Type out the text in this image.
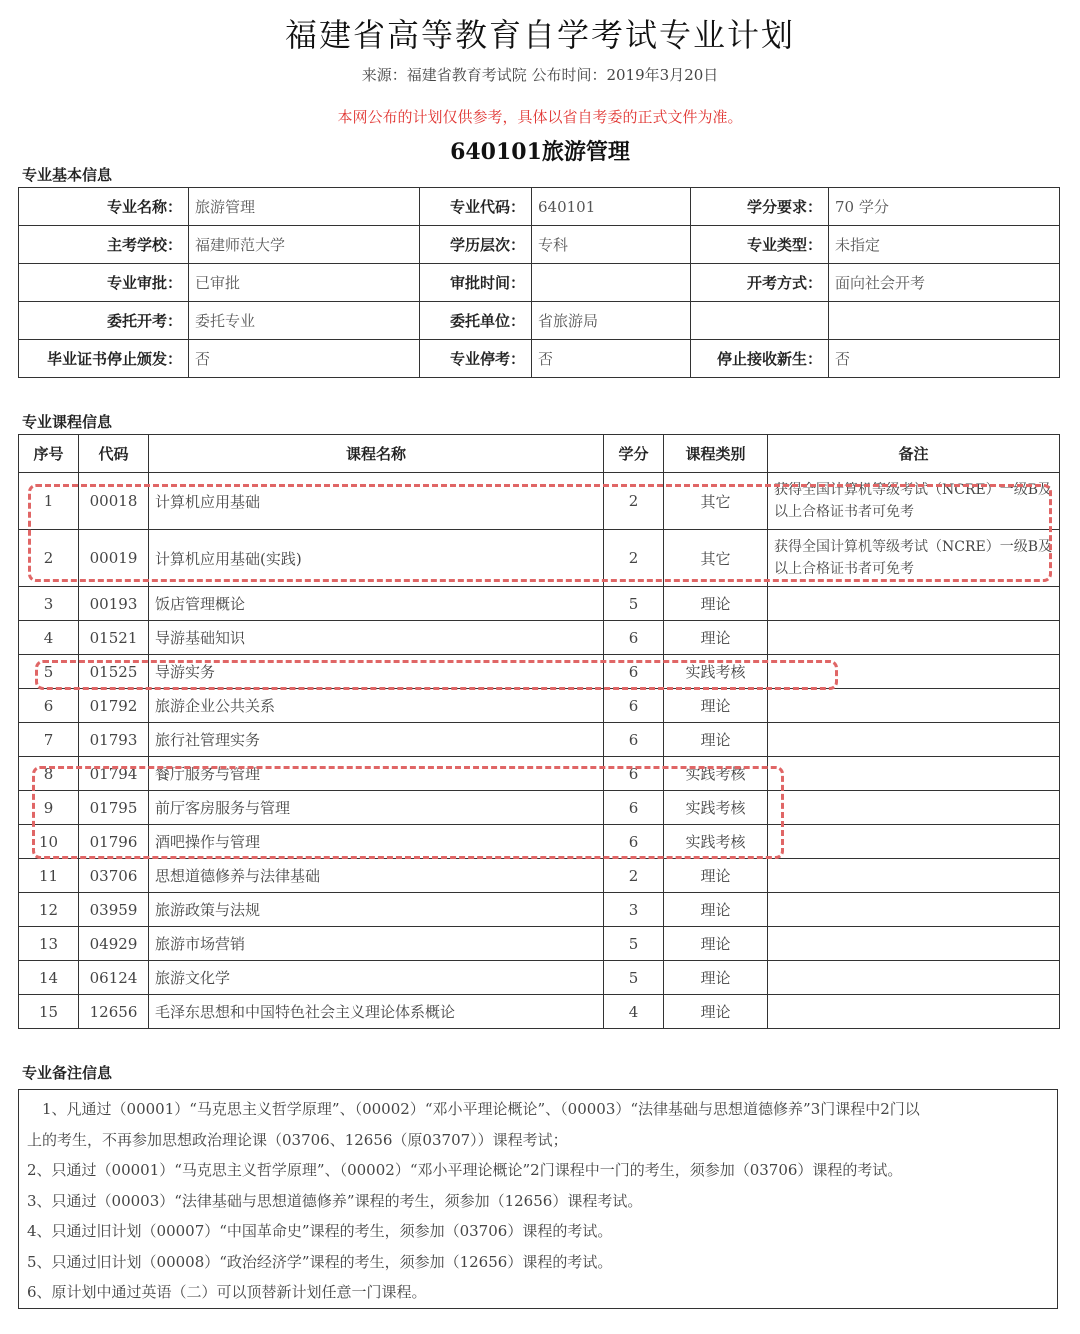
福建省高等教育自学考试专业计划
来源：福建省教育考试院 公布时间：2019年3月20日
本网公布的计划仅供参考，具体以省自考委的正式文件为准。
640101旅游管理
专业基本信息
专业名称：	旅游管理	专业代码：	640101	学分要求：	70 学分
主考学校：	福建师范大学	学历层次：	专科	专业类型：	未指定
专业审批：	已审批	审批时间：		开考方式：	面向社会开考
委托开考：	委托专业	委托单位：	省旅游局		
毕业证书停止颁发：	否	专业停考：	否	停止接收新生：	否
专业课程信息
序号	代码	课程名称	学分	课程类别	备注
1	00018	计算机应用基础	2	其它	获得全国计算机等级考试（NCRE）一级B及以上合格证书者可免考
2	00019	计算机应用基础(实践)	2	其它	获得全国计算机等级考试（NCRE）一级B及以上合格证书者可免考
3	00193	饭店管理概论	5	理论	
4	01521	导游基础知识	6	理论	
5	01525	导游实务	6	实践考核	
6	01792	旅游企业公共关系	6	理论	
7	01793	旅行社管理实务	6	理论	
8	01794	餐厅服务与管理	6	实践考核	
9	01795	前厅客房服务与管理	6	实践考核	
10	01796	酒吧操作与管理	6	实践考核	
11	03706	思想道德修养与法律基础	2	理论	
12	03959	旅游政策与法规	3	理论	
13	04929	旅游市场营销	5	理论	
14	06124	旅游文化学	5	理论	
15	12656	毛泽东思想和中国特色社会主义理论体系概论	4	理论	
专业备注信息
　1、凡通过（00001）“马克思主义哲学原理”、（00002）“邓小平理论概论”、（00003）“法律基础与思想道德修养”3门课程中2门以
上的考生，不再参加思想政治理论课（03706、12656（原03707））课程考试；
2、只通过（00001）“马克思主义哲学原理”、（00002）“邓小平理论概论”2门课程中一门的考生，须参加（03706）课程的考试。
3、只通过（00003）“法律基础与思想道德修养”课程的考生，须参加（12656）课程考试。
4、只通过旧计划（00007）“中国革命史”课程的考生，须参加（03706）课程的考试。
5、只通过旧计划（00008）“政治经济学”课程的考生，须参加（12656）课程的考试。
6、原计划中通过英语（二）可以顶替新计划任意一门课程。
